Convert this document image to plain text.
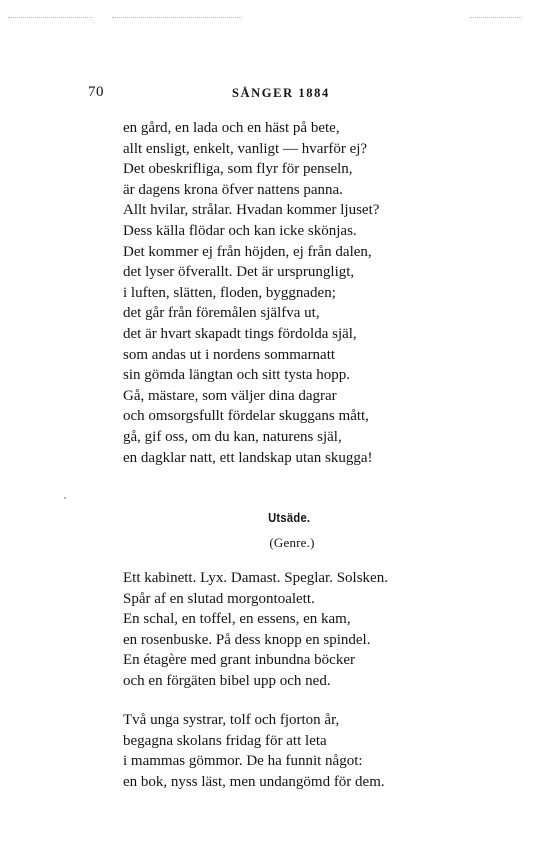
70	SÅNGER 1884
en gård, en lada och en häst på bete,
allt ensligt, enkelt, vanligt — hvarför ej?
Det obeskrifliga, som flyr för penseln,
är dagens krona öfver nattens panna.
Allt hvilar, strålar. Hvadan kommer ljuset?
Dess källa flödar och kan icke skönjas.
Det kommer ej från höjden, ej från dalen,
det lyser öfverallt. Det är ursprungligt,
i luften, slätten, floden, byggnaden;
det går från föremålen själfva ut,
det är hvart skapadt tings fördolda själ,
som andas ut i nordens sommarnatt
sin gömda längtan och sitt tysta hopp.
Gå, mästare, som väljer dina dagrar
och omsorgsfullt fördelar skuggans mått,
gå, gif oss, om du kan, naturens själ,
en dagklar natt, ett landskap utan skugga!
Utsäde.
(Genre.)
Ett kabinett. Lyx. Damast. Speglar. Solsken.
Spår af en slutad morgontoalett.
En schal, en toffel, en essens, en kam,
en rosenbuske. På dess knopp en spindel.
En étagère med grant inbundna böcker
och en förgäten bibel upp och ned.
Två unga systrar, tolf och fjorton år,
begagna skolans fridag för att leta
i mammas gömmor. De ha funnit något:
en bok, nyss läst, men undangömd för dem.
